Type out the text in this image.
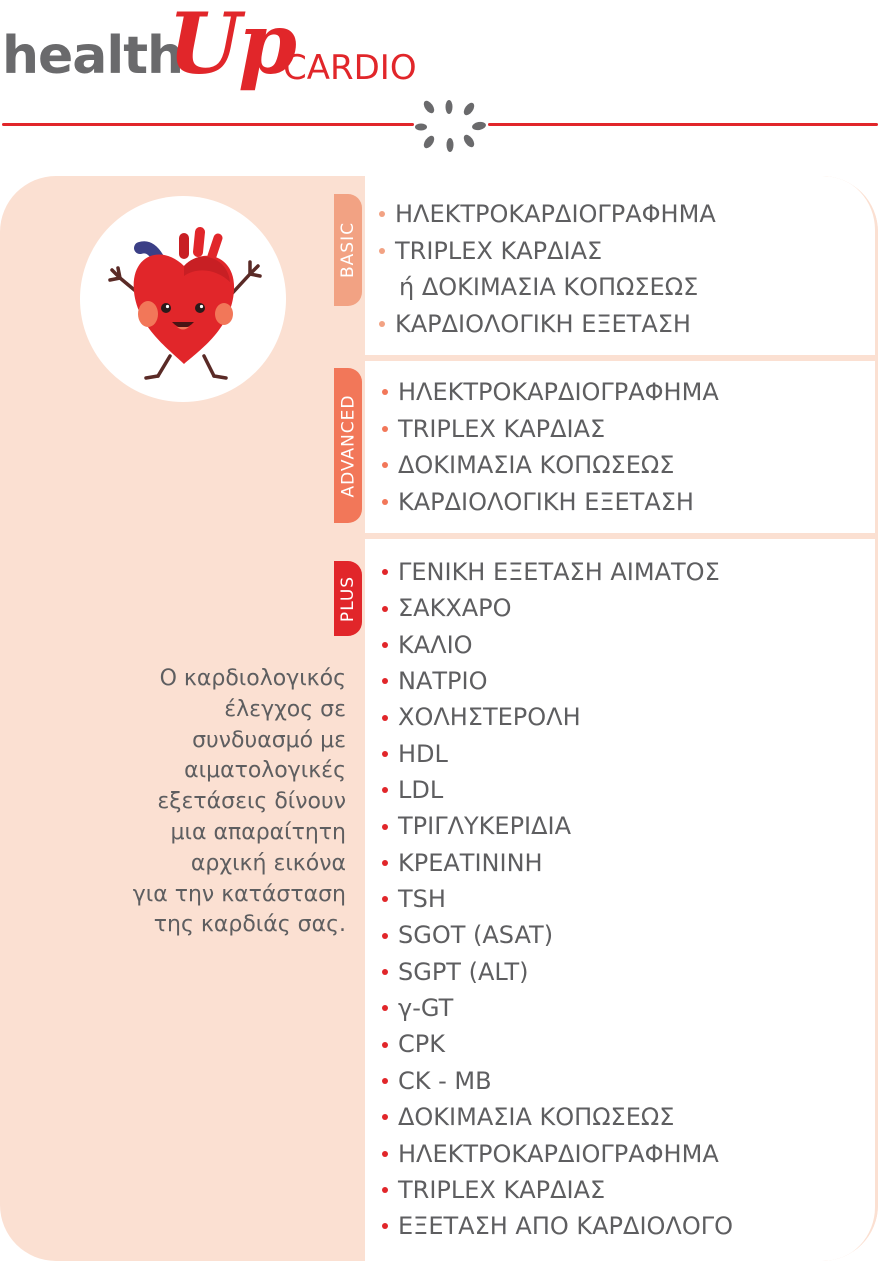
health
Up
CARDIO
BASIC
ADVANCED
PLUS
ΗΛΕΚΤΡΟΚΑΡΔΙΟΓΡΑΦΗΜΑ
TRIPLEX ΚΑΡΔΙΑΣ
ή ΔΟΚΙΜΑΣΙΑ ΚΟΠΩΣΕΩΣ
ΚΑΡΔΙΟΛΟΓΙΚΗ ΕΞΕΤΑΣΗ
ΗΛΕΚΤΡΟΚΑΡΔΙΟΓΡΑΦΗΜΑ
TRIPLEX ΚΑΡΔΙΑΣ
ΔΟΚΙΜΑΣΙΑ ΚΟΠΩΣΕΩΣ
ΚΑΡΔΙΟΛΟΓΙΚΗ ΕΞΕΤΑΣΗ
ΓΕΝΙΚΗ ΕΞΕΤΑΣΗ ΑΙΜΑΤΟΣ
ΣΑΚΧΑΡΟ
ΚΑΛΙΟ
ΝΑΤΡΙΟ
ΧΟΛΗΣΤΕΡΟΛΗ
HDL
LDL
ΤΡΙΓΛΥΚΕΡΙΔΙΑ
ΚΡΕΑΤΙΝΙΝΗ
TSH
SGOT (ASAT)
SGPT (ALT)
γ-GT
CPK
CK - MB
ΔΟΚΙΜΑΣΙΑ ΚΟΠΩΣΕΩΣ
ΗΛΕΚΤΡΟΚΑΡΔΙΟΓΡΑΦΗΜΑ
TRIPLEX ΚΑΡΔΙΑΣ
ΕΞΕΤΑΣΗ ΑΠΟ ΚΑΡΔΙΟΛΟΓΟ

Ο καρδιολογικός
έλεγχος σε
συνδυασμό με
αιματολογικές
εξετάσεις δίνουν
μια απαραίτητη
αρχική εικόνα
για την κατάσταση
της καρδιάς σας.
